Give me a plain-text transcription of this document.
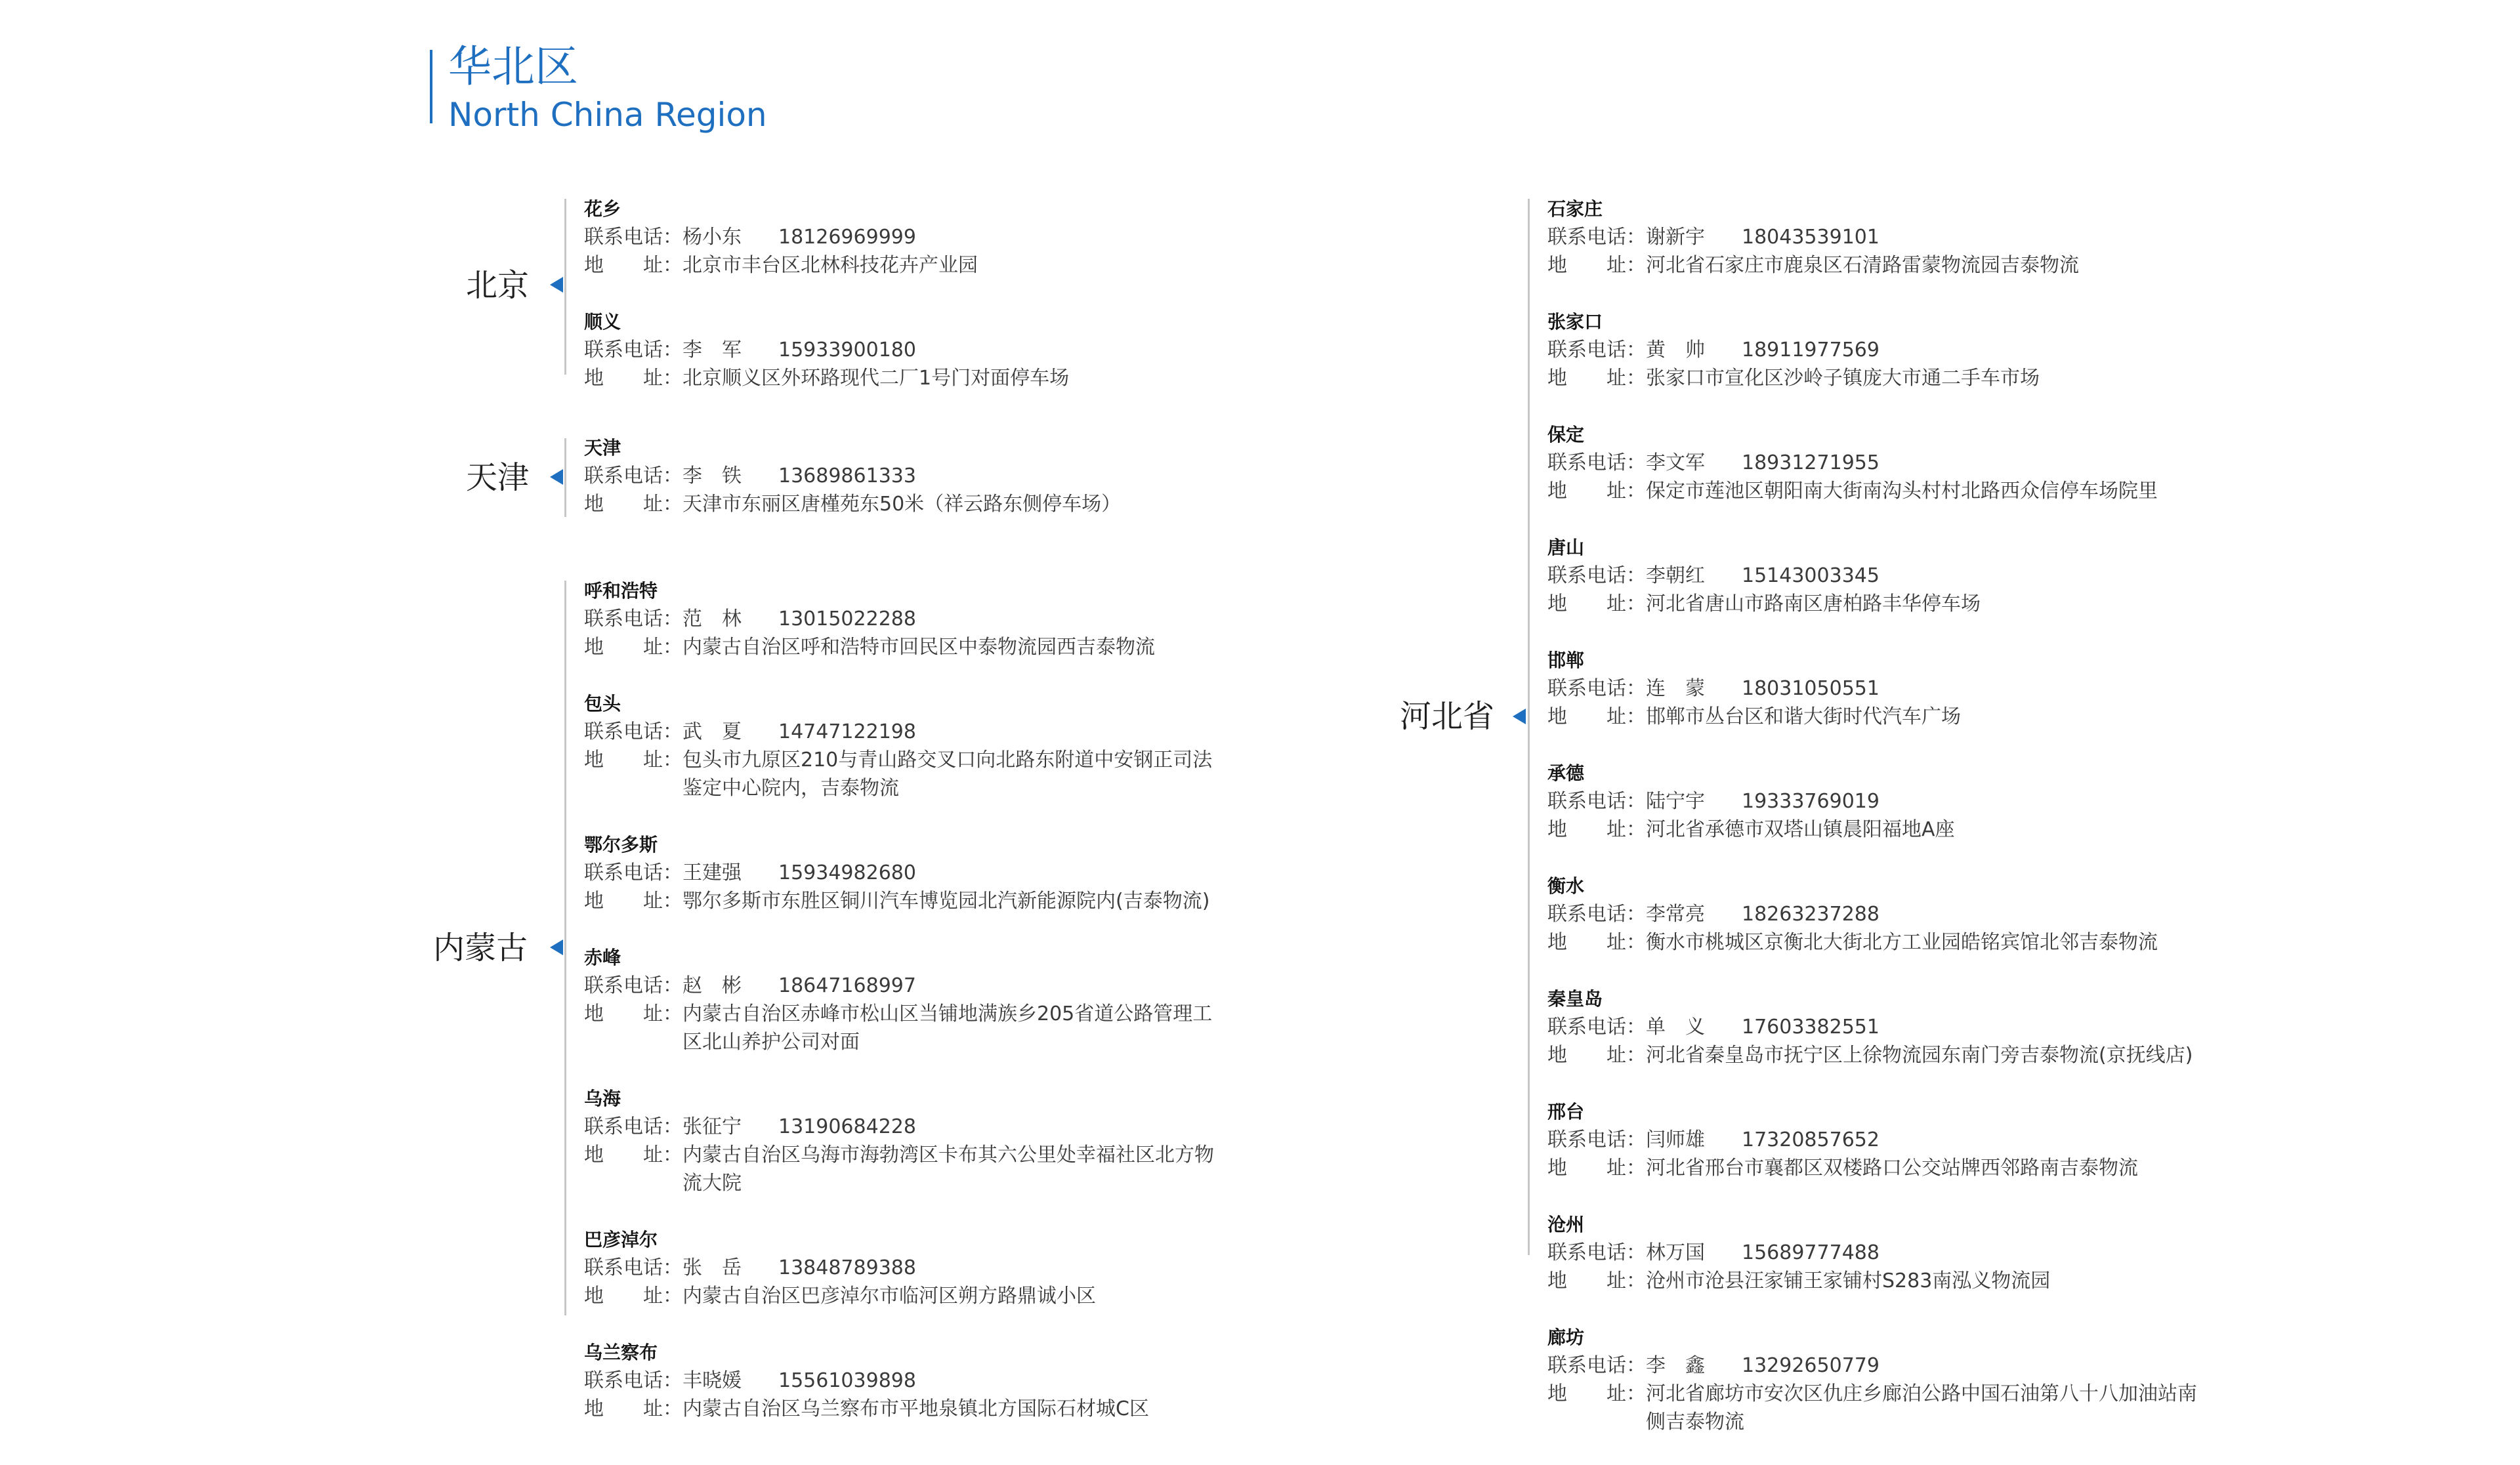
华北区
North China Region
北京
花乡
联系电话： 杨小东 18126969999
地　　址： 北京市丰台区北林科技花卉产业园
顺义
联系电话： 李　军 15933900180
地　　址： 北京顺义区外环路现代二厂1号门对面停车场
天津
天津
联系电话： 李　铁 13689861333
地　　址： 天津市东丽区唐槿苑东50米（祥云路东侧停车场）
内蒙古
呼和浩特
联系电话： 范　林 13015022288
地　　址： 内蒙古自治区呼和浩特市回民区中泰物流园西吉泰物流
包头
联系电话： 武　夏 14747122198
地　　址： 包头市九原区210与青山路交叉口向北路东附道中安钢正司法鉴定中心院内，吉泰物流
鄂尔多斯
联系电话： 王建强 15934982680
地　　址： 鄂尔多斯市东胜区铜川汽车博览园北汽新能源院内(吉泰物流)
赤峰
联系电话： 赵　彬 18647168997
地　　址： 内蒙古自治区赤峰市松山区当铺地满族乡205省道公路管理工区北山养护公司对面
乌海
联系电话： 张征宁 13190684228
地　　址： 内蒙古自治区乌海市海勃湾区卡布其六公里处幸福社区北方物流大院
巴彦淖尔
联系电话： 张　岳 13848789388
地　　址： 内蒙古自治区巴彦淖尔市临河区朔方路鼎诚小区
乌兰察布
联系电话： 丰晓媛 15561039898
地　　址： 内蒙古自治区乌兰察布市平地泉镇北方国际石材城C区
河北省
石家庄
联系电话： 谢新宇 18043539101
地　　址： 河北省石家庄市鹿泉区石清路雷蒙物流园吉泰物流
张家口
联系电话： 黄　帅 18911977569
地　　址： 张家口市宣化区沙岭子镇庞大市通二手车市场
保定
联系电话： 李文军 18931271955
地　　址： 保定市莲池区朝阳南大街南沟头村村北路西众信停车场院里
唐山
联系电话： 李朝红 15143003345
地　　址： 河北省唐山市路南区唐柏路丰华停车场
邯郸
联系电话： 连　蒙 18031050551
地　　址： 邯郸市丛台区和谐大街时代汽车广场
承德
联系电话： 陆宁宇 19333769019
地　　址： 河北省承德市双塔山镇晨阳福地A座
衡水
联系电话： 李常亮 18263237288
地　　址： 衡水市桃城区京衡北大街北方工业园皓铭宾馆北邻吉泰物流
秦皇岛
联系电话： 单　义 17603382551
地　　址： 河北省秦皇岛市抚宁区上徐物流园东南门旁吉泰物流(京抚线店)
邢台
联系电话： 闫师雄 17320857652
地　　址： 河北省邢台市襄都区双楼路口公交站牌西邻路南吉泰物流
沧州
联系电话： 林万国 15689777488
地　　址： 沧州市沧县汪家铺王家铺村S283南泓义物流园
廊坊
联系电话： 李　鑫 13292650779
地　　址： 河北省廊坊市安次区仇庄乡廊泊公路中国石油第八十八加油站南侧吉泰物流
